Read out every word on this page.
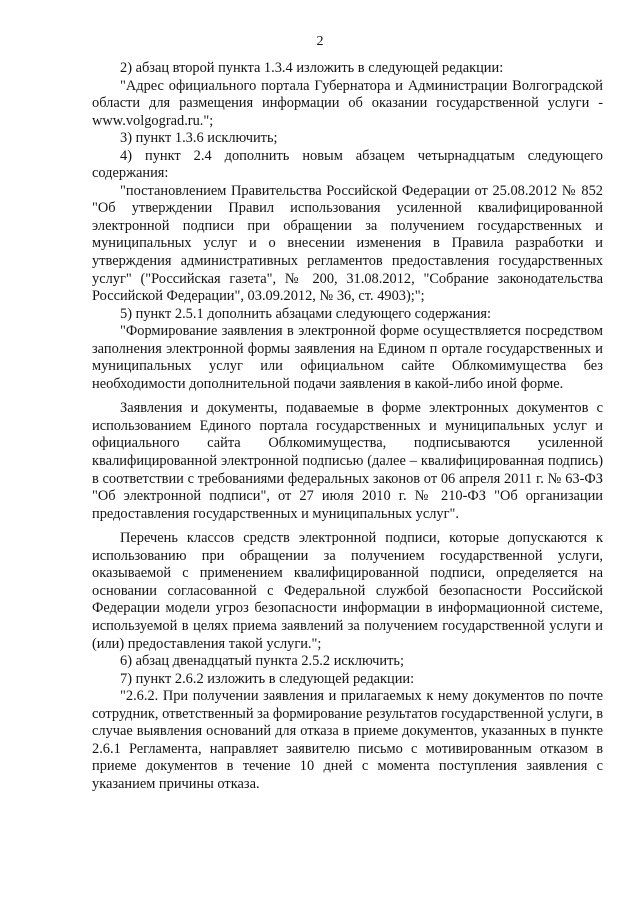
2

2) абзац второй пункта 1.3.4 изложить в следующей редакции:

"Адрес официального портала Губернатора и Администрации Волгоградской области для размещения информации об оказании государственной услуги - www.volgograd.ru.";

3) пункт 1.3.6 исключить;

4) пункт 2.4 дополнить новым абзацем четырнадцатым следующего содержания:

"постановлением Правительства Российской Федерации от 25.08.2012 № 852 "Об утверждении Правил использования усиленной квалифицированной электронной подписи при обращении за получением государственных и муниципальных услуг и о внесении изменения в Правила разработки и утверждения административных регламентов предоставления государственных услуг" ("Российская газета", № 200, 31.08.2012, "Собрание законодательства Российской Федерации", 03.09.2012, № 36, ст. 4903);";

5) пункт 2.5.1 дополнить абзацами следующего содержания:

"Формирование заявления в электронной форме осуществляется посредством заполнения электронной формы заявления на Едином п ортале государственных и муниципальных услуг или официальном сайте Облкомимущества без необходимости дополнительной подачи заявления в какой-либо иной форме.

Заявления и документы, подаваемые в форме электронных документов с использованием Единого портала государственных и муниципальных услуг и официального сайта Облкомимущества, подписываются усиленной квалифицированной электронной подписью (далее – квалифицированная подпись) в соответствии с требованиями федеральных законов от 06 апреля 2011 г. № 63-ФЗ "Об электронной подписи", от 27 июля 2010 г. № 210-ФЗ "Об организации предоставления государственных и муниципальных услуг".

Перечень классов средств электронной подписи, которые допускаются к использованию при обращении за получением государственной услуги, оказываемой с применением квалифицированной подписи, определяется на основании согласованной с Федеральной службой безопасности Российской Федерации модели угроз безопасности информации в информационной системе, используемой в целях приема заявлений за получением государственной услуги и (или) предоставления такой услуги.";

6) абзац двенадцатый пункта 2.5.2 исключить;

7) пункт 2.6.2 изложить в следующей редакции:

"2.6.2. При получении заявления и прилагаемых к нему документов по почте сотрудник, ответственный за формирование результатов государственной услуги, в случае выявления оснований для отказа в приеме документов, указанных в пункте 2.6.1 Регламента, направляет заявителю письмо с мотивированным отказом в приеме документов в течение 10 дней с момента поступления заявления с указанием причины отказа.
